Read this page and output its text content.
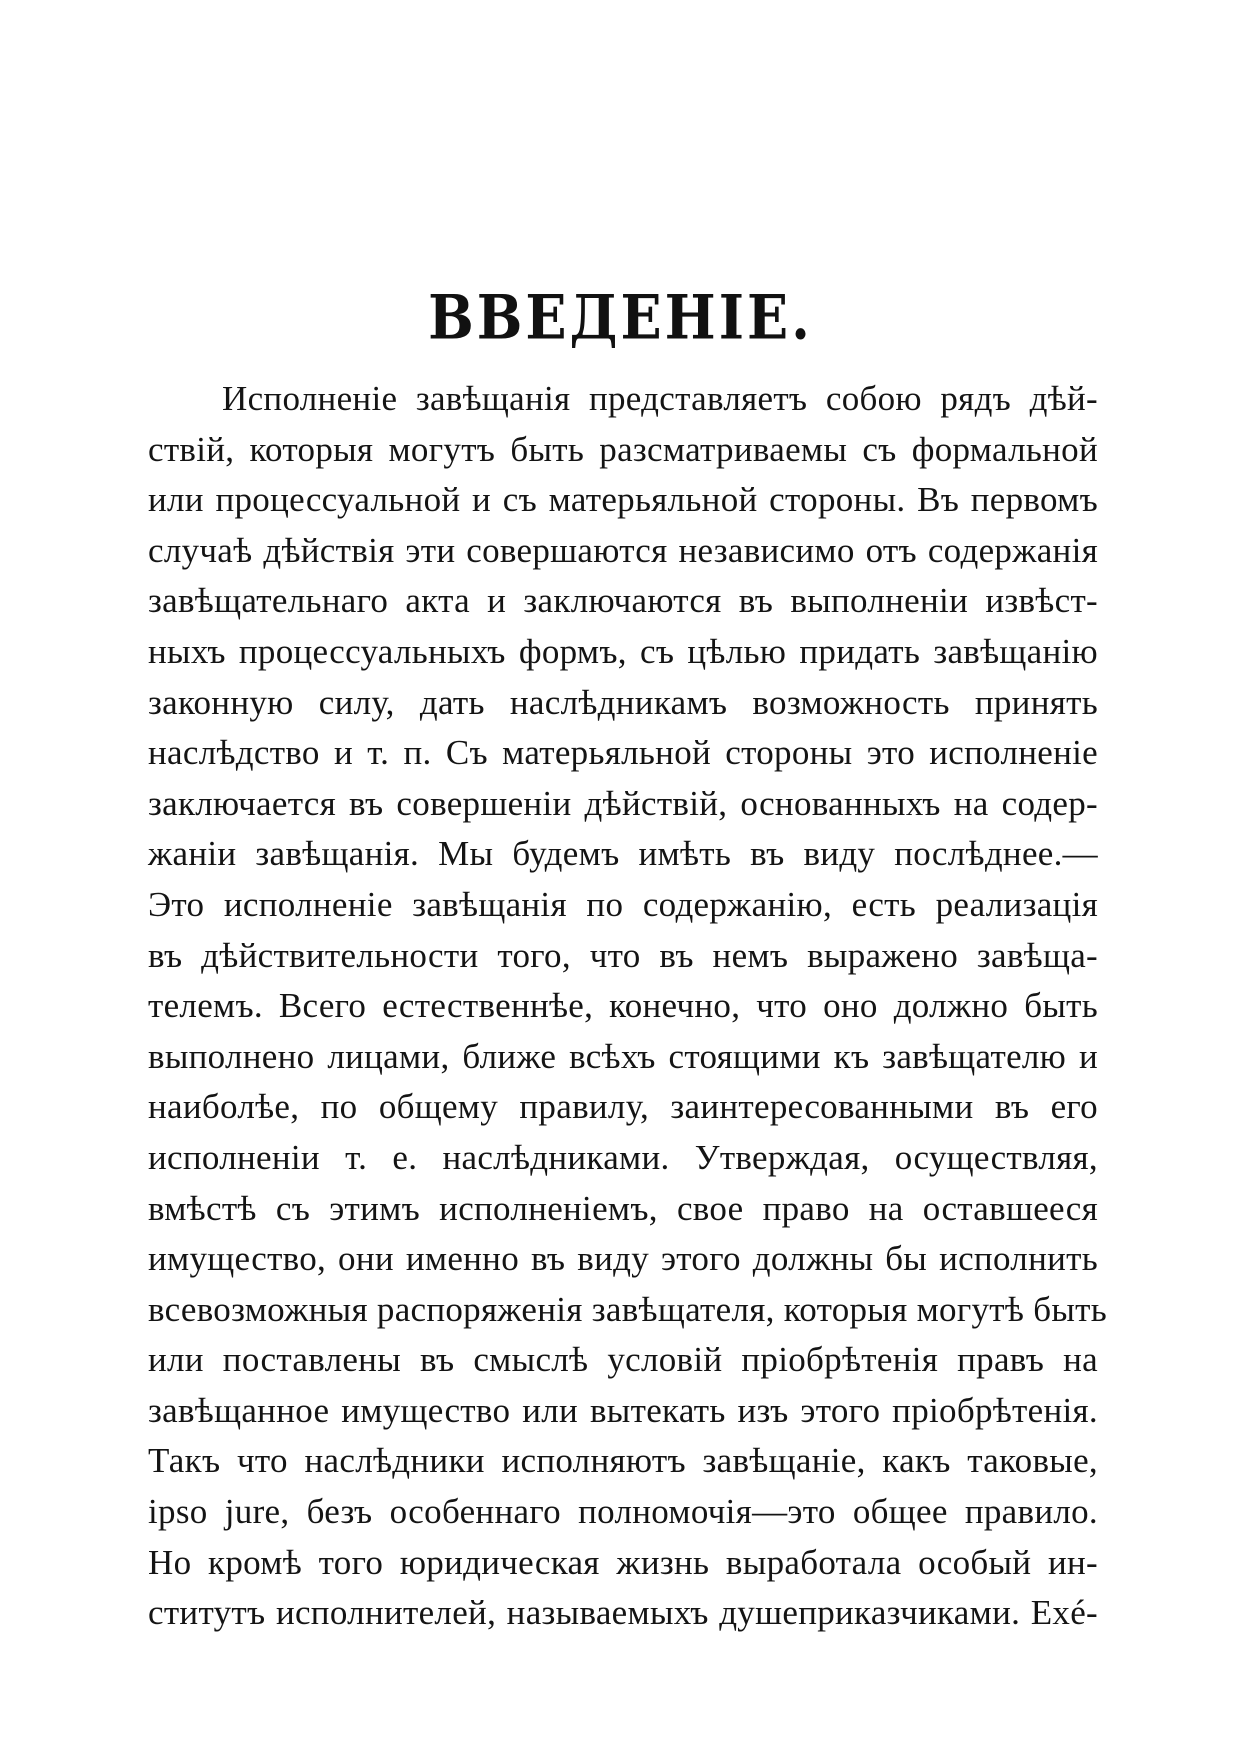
ВВЕДЕНІЕ.
Исполненіе завѣщанія представляетъ собою рядъ дѣй-
ствій, которыя могутъ быть разсматриваемы съ формальной
или процессуальной и съ матерьяльной стороны. Въ первомъ
случаѣ дѣйствія эти совершаются независимо отъ содержанія
завѣщательнаго акта и заключаются въ выполненіи извѣст-
ныхъ процессуальныхъ формъ, съ цѣлью придать завѣщанію
законную силу, дать наслѣдникамъ возможность принять
наслѣдство и т. п. Съ матерьяльной стороны это исполненіе
заключается въ совершеніи дѣйствій, основанныхъ на содер-
жаніи завѣщанія. Мы будемъ имѣть въ виду послѣднее.—
Это исполненіе завѣщанія по содержанію, есть реализація
въ дѣйствительности того, что въ немъ выражено завѣща-
телемъ. Всего естественнѣе, конечно, что оно должно быть
выполнено лицами, ближе всѣхъ стоящими къ завѣщателю и
наиболѣе, по общему правилу, заинтересованными въ его
исполненіи т. е. наслѣдниками. Утверждая, осуществляя,
вмѣстѣ съ этимъ исполненіемъ, свое право на оставшееся
имущество, они именно въ виду этого должны бы исполнить
всевозможныя распоряженія завѣщателя, которыя могутѣ быть
или поставлены въ смыслѣ условій пріобрѣтенія правъ на
завѣщанное имущество или вытекать изъ этого пріобрѣтенія.
Такъ что наслѣдники исполняютъ завѣщаніе, какъ таковые,
ipso jure, безъ особеннаго полномочія—это общее правило.
Но кромѣ того юридическая жизнь выработала особый ин-
ститутъ исполнителей, называемыхъ душеприказчиками. Exé-
